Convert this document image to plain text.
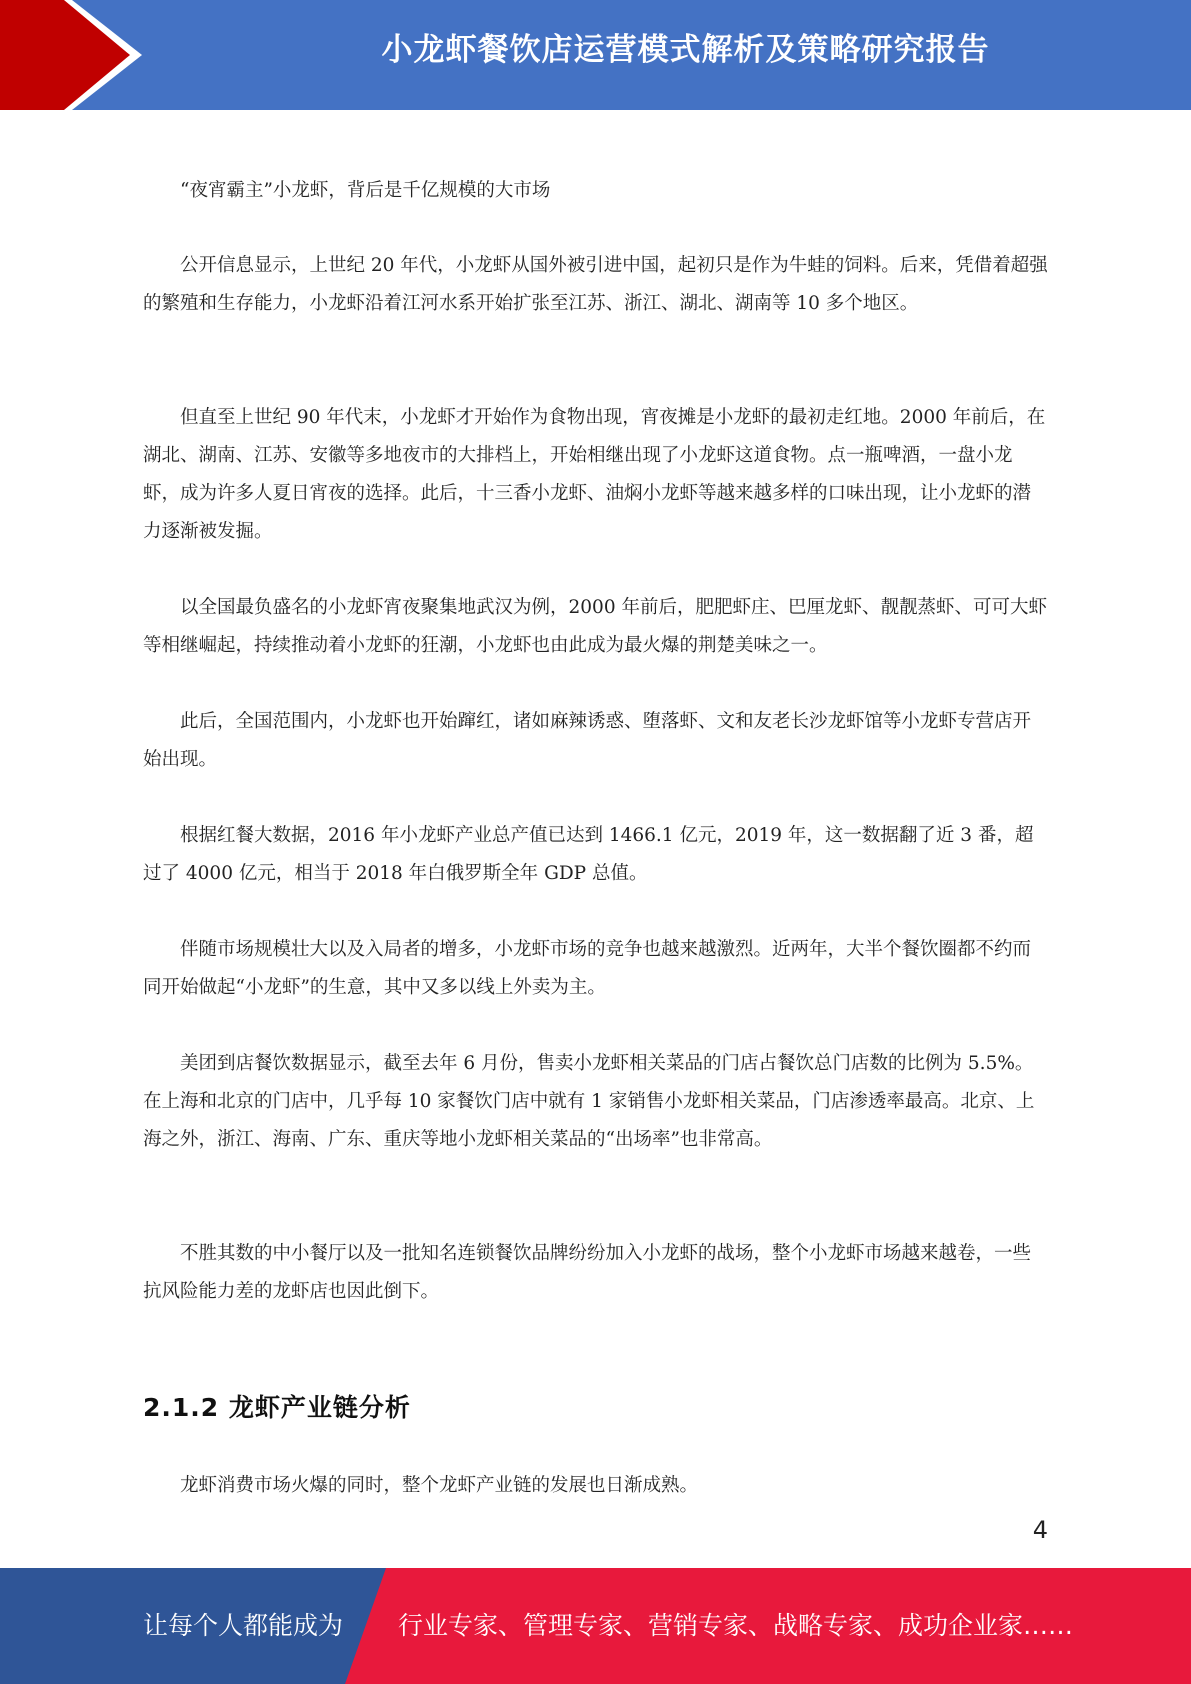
小龙虾餐饮店运营模式解析及策略研究报告

“夜宵霸主”小龙虾，背后是千亿规模的大市场

公开信息显示，上世纪 20 年代，小龙虾从国外被引进中国，起初只是作为牛蛙的饲料。后来，凭借着超强的繁殖和生存能力，小龙虾沿着江河水系开始扩张至江苏、浙江、湖北、湖南等 10 多个地区。

但直至上世纪 90 年代末，小龙虾才开始作为食物出现，宵夜摊是小龙虾的最初走红地。2000 年前后，在湖北、湖南、江苏、安徽等多地夜市的大排档上，开始相继出现了小龙虾这道食物。点一瓶啤酒，一盘小龙虾，成为许多人夏日宵夜的选择。此后，十三香小龙虾、油焖小龙虾等越来越多样的口味出现，让小龙虾的潜力逐渐被发掘。

以全国最负盛名的小龙虾宵夜聚集地武汉为例，2000 年前后，肥肥虾庄、巴厘龙虾、靓靓蒸虾、可可大虾等相继崛起，持续推动着小龙虾的狂潮，小龙虾也由此成为最火爆的荆楚美味之一。

此后，全国范围内，小龙虾也开始蹿红，诸如麻辣诱惑、堕落虾、文和友老长沙龙虾馆等小龙虾专营店开始出现。

根据红餐大数据，2016 年小龙虾产业总产值已达到 1466.1 亿元，2019 年，这一数据翻了近 3 番，超过了 4000 亿元，相当于 2018 年白俄罗斯全年 GDP 总值。

伴随市场规模壮大以及入局者的增多，小龙虾市场的竞争也越来越激烈。近两年，大半个餐饮圈都不约而同开始做起“小龙虾”的生意，其中又多以线上外卖为主。

美团到店餐饮数据显示，截至去年 6 月份，售卖小龙虾相关菜品的门店占餐饮总门店数的比例为 5.5%。在上海和北京的门店中，几乎每 10 家餐饮门店中就有 1 家销售小龙虾相关菜品，门店渗透率最高。北京、上海之外，浙江、海南、广东、重庆等地小龙虾相关菜品的“出场率”也非常高。

不胜其数的中小餐厅以及一批知名连锁餐饮品牌纷纷加入小龙虾的战场，整个小龙虾市场越来越卷，一些抗风险能力差的龙虾店也因此倒下。

2.1.2 龙虾产业链分析

龙虾消费市场火爆的同时，整个龙虾产业链的发展也日渐成熟。

4
让每个人都能成为 行业专家、管理专家、营销专家、战略专家、成功企业家……
